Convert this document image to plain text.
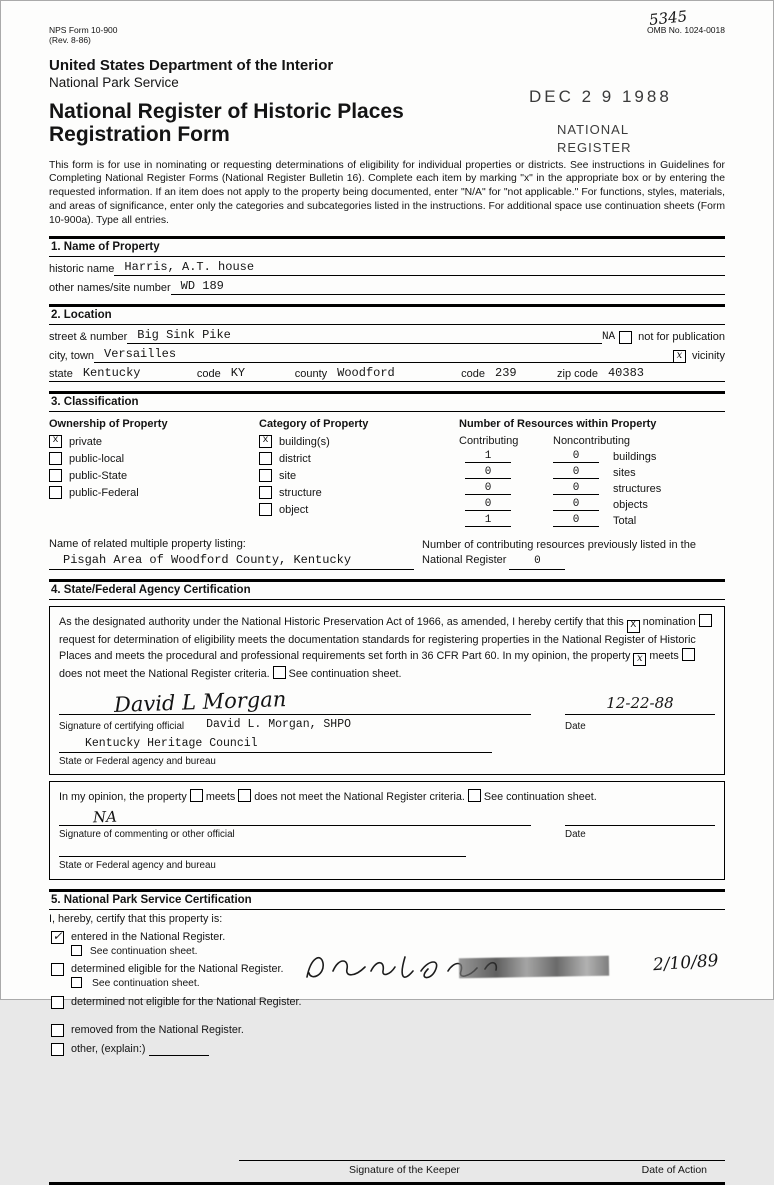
NPS Form 10-900
(Rev. 8-86)
OMB No. 1024-0018
5345
United States Department of the Interior
National Park Service
National Register of Historic Places
Registration Form
DEC 2 9 1988
NATIONAL
REGISTER
This form is for use in nominating or requesting determinations of eligibility for individual properties or districts. See instructions in Guidelines for Completing National Register Forms (National Register Bulletin 16). Complete each item by marking "x" in the appropriate box or by entering the requested information. If an item does not apply to the property being documented, enter "N/A" for "not applicable." For functions, styles, materials, and areas of significance, enter only the categories and subcategories listed in the instructions. For additional space use continuation sheets (Form 10-900a). Type all entries.
1. Name of Property
historic name Harris, A.T. house
other names/site number WD 189
2. Location
street & number Big Sink Pike	NA	not for publication
city, town Versailles	x vicinity
state Kentucky	code KY	county Woodford	code 239	zip code 40383
3. Classification
Ownership of Property
x private
public-local
public-State
public-Federal
Category of Property
x building(s)
district
site
structure
object
Number of Resources within Property
Contributing	Noncontributing
1	0	buildings
0	0	sites
0	0	structures
0	0	objects
1	0	Total
Name of related multiple property listing:
Pisgah Area of Woodford County, Kentucky
Number of contributing resources previously listed in the National Register	0
4. State/Federal Agency Certification
As the designated authority under the National Historic Preservation Act of 1966, as amended, I hereby certify that this X nomination
request for determination of eligibility meets the documentation standards for registering properties in the National Register of Historic Places and meets the procedural and professional requirements set forth in 36 CFR Part 60. In my opinion, the property x meets
does not meet the National Register criteria. See continuation sheet.
David L Morgan	12-22-88
Signature of certifying official David L. Morgan, SHPO	Date
Kentucky Heritage Council
State or Federal agency and bureau
In my opinion, the property meets does not meet the National Register criteria. See continuation sheet.
NA
Signature of commenting or other official	Date
State or Federal agency and bureau
5. National Park Service Certification
I, hereby, certify that this property is:
✓ entered in the National Register.
See continuation sheet.
determined eligible for the National Register.
See continuation sheet.
determined not eligible for the National Register.
removed from the National Register.
other, (explain:)
2/10/89
Signature of the Keeper	Date of Action
